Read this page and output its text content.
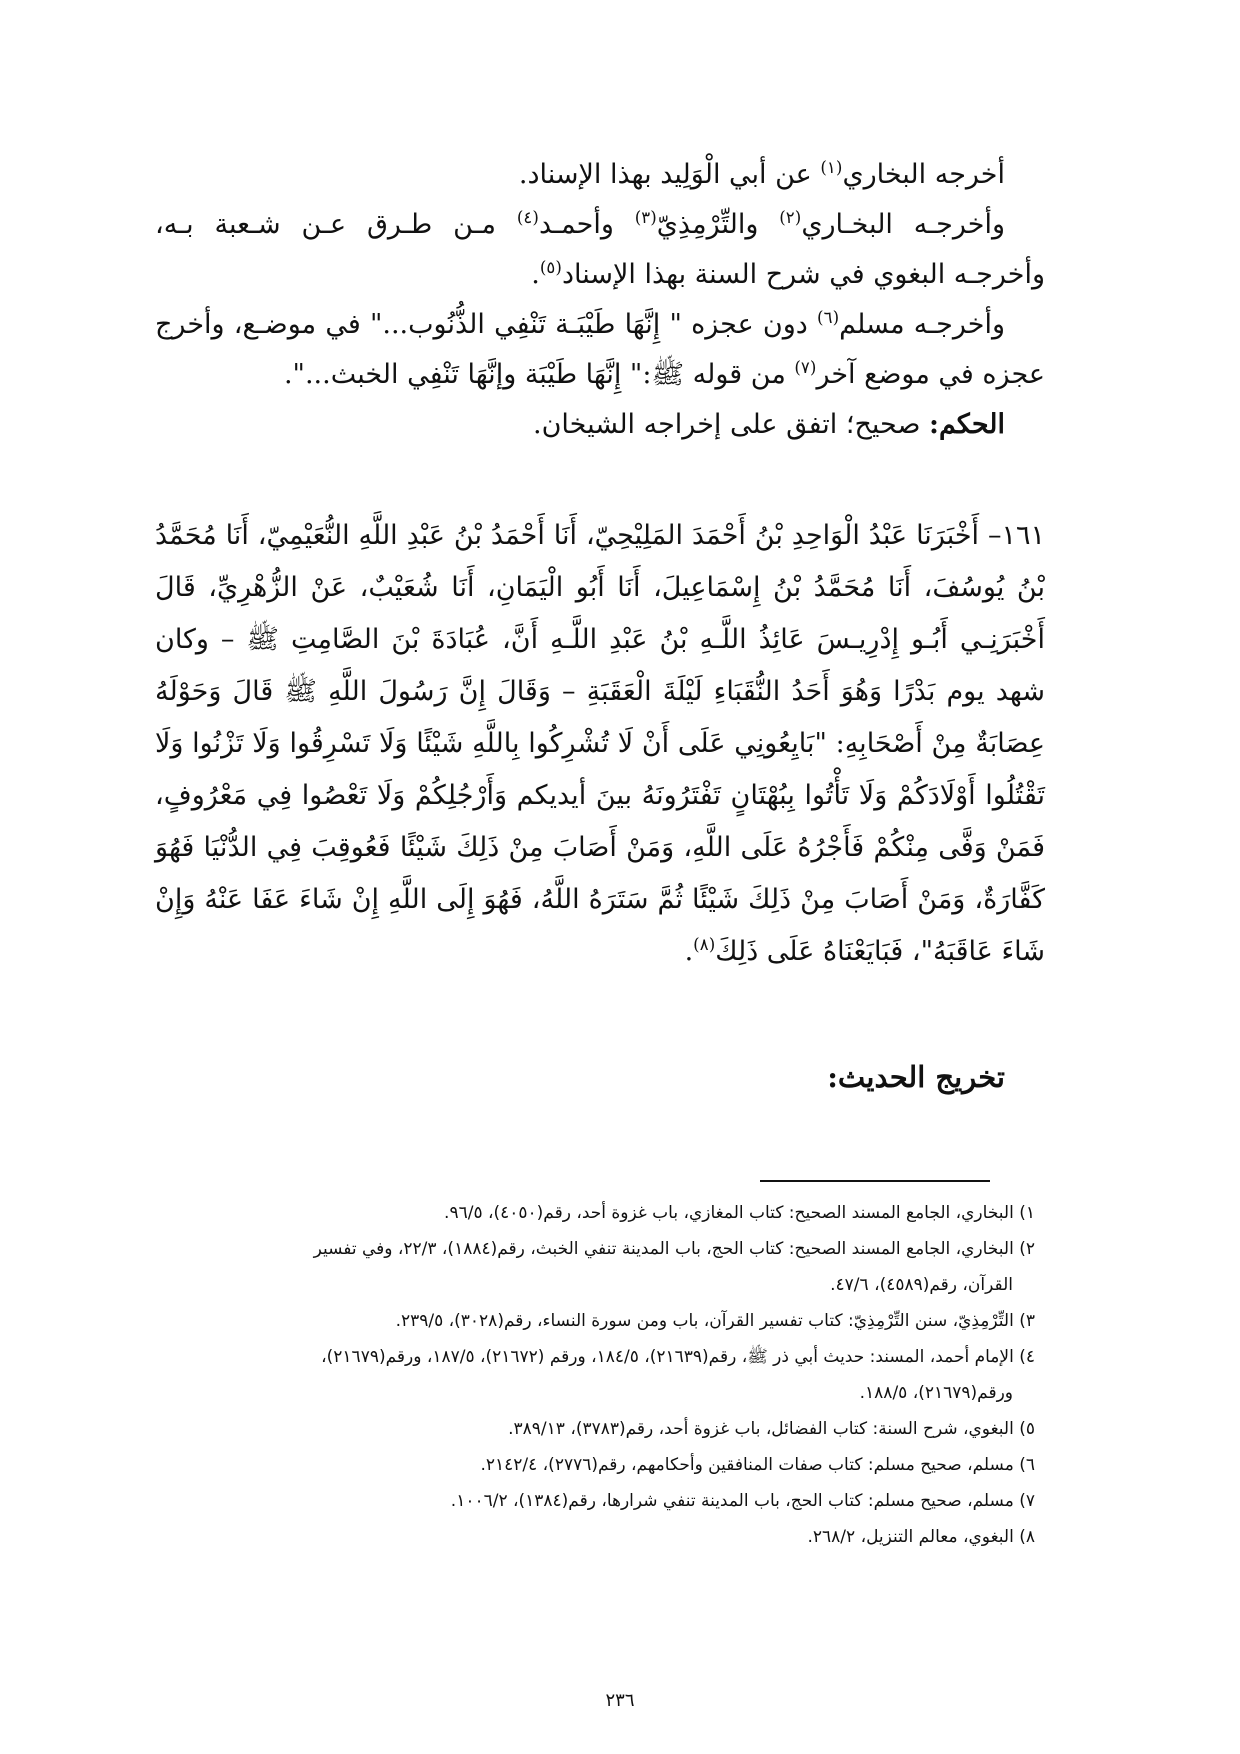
أخرجه البخاري$^{(١)}$ عن أبي الْوَلِيد بهذا الإسناد.

وأخرجـه البخـاري$^{(٢)}$ والتِّرْمِذِيّ$^{(٣)}$ وأحمـد$^{(٤)}$ مـن طـرق عـن شـعبة بـه، وأخرجـه البغوي في شرح السنة بهذا الإسناد$^{(٥)}$.

وأخرجـه مسلم$^{(٦)}$ دون عجزه " إِنَّهَا طَيْبَـة تَنْفِي الذُّنُوب..." في موضـع، وأخرج عجزه في موضع آخر$^{(٧)}$ من قوله ﷺ:" إِنَّهَا طَيْبَة وإنَّهَا تَنْفِي الخبث...".

الحكم: صحيح؛ اتفق على إخراجه الشيخان.

١٦١– أَخْبَرَنَا عَبْدُ الْوَاحِدِ بْنُ أَحْمَدَ المَلِيْحِيّ، أَنَا أَحْمَدُ بْنُ عَبْدِ اللَّهِ النُّعَيْمِيّ، أَنَا مُحَمَّدُ بْنُ يُوسُفَ، أَنَا مُحَمَّدُ بْنُ إِسْمَاعِيلَ، أَنَا أَبُو الْيَمَانِ، أَنَا شُعَيْبٌ، عَنْ الزُّهْرِيِّ، قَالَ أَخْبَرَنِـي أَبُـو إِدْرِيـسَ عَائِذُ اللَّـهِ بْنُ عَبْدِ اللَّـهِ أَنَّ، عُبَادَةَ بْنَ الصَّامِتِ ﷺ – وكان شهد يوم بَدْرًا وَهُوَ أَحَدُ النُّقَبَاءِ لَيْلَةَ الْعَقَبَةِ – وَقَالَ إِنَّ رَسُولَ اللَّهِ ﷺ قَالَ وَحَوْلَهُ عِصَابَةٌ مِنْ أَصْحَابِهِ: "بَايِعُونِي عَلَى أَنْ لَا تُشْرِكُوا بِاللَّهِ شَيْئًا وَلَا تَسْرِقُوا وَلَا تَزْنُوا وَلَا تَقْتُلُوا أَوْلَادَكُمْ وَلَا تَأْتُوا بِبُهْتَانٍ تَفْتَرُونَهُ بينَ أيديكم وَأَرْجُلِكُمْ وَلَا تَعْصُوا فِي مَعْرُوفٍ، فَمَنْ وَفَّى مِنْكُمْ فَأَجْرُهُ عَلَى اللَّهِ، وَمَنْ أَصَابَ مِنْ ذَلِكَ شَيْئًا فَعُوقِبَ فِي الدُّنْيَا فَهُوَ كَفَّارَةٌ، وَمَنْ أَصَابَ مِنْ ذَلِكَ شَيْئًا ثُمَّ سَتَرَهُ اللَّهُ، فَهُوَ إِلَى اللَّهِ إِنْ شَاءَ عَفَا عَنْهُ وَإِنْ شَاءَ عَاقَبَهُ"، فَبَايَعْنَاهُ عَلَى ذَلِكَ$^{(٨)}$.

تخريج الحديث:

١) البخاري، الجامع المسند الصحيح: كتاب المغازي، باب غزوة أحد، رقم(٤٠٥٠)، ٩٦/٥.

٢) البخاري، الجامع المسند الصحيح: كتاب الحج، باب المدينة تنفي الخبث، رقم(١٨٨٤)، ٢٢/٣، وفي تفسير
القرآن، رقم(٤٥٨٩)، ٤٧/٦.

٣) التِّرْمِذِيّ، سنن التِّرْمِذِيّ: كتاب تفسير القرآن، باب ومن سورة النساء، رقم(٣٠٢٨)، ٢٣٩/٥.

٤) الإمام أحمد، المسند: حديث أبي ذر ﷺ، رقم(٢١٦٣٩)، ١٨٤/٥، ورقم (٢١٦٧٢)، ١٨٧/٥، ورقم(٢١٦٧٩)،
ورقم(٢١٦٧٩)، ١٨٨/٥.

٥) البغوي، شرح السنة: كتاب الفضائل، باب غزوة أحد، رقم(٣٧٨٣)، ٣٨٩/١٣.

٦) مسلم، صحيح مسلم: كتاب صفات المنافقين وأحكامهم، رقم(٢٧٧٦)، ٢١٤٢/٤.

٧) مسلم، صحيح مسلم: كتاب الحج، باب المدينة تنفي شرارها، رقم(١٣٨٤)، ١٠٠٦/٢.

٨) البغوي، معالم التنزيل، ٢٦٨/٢.

٢٣٦
